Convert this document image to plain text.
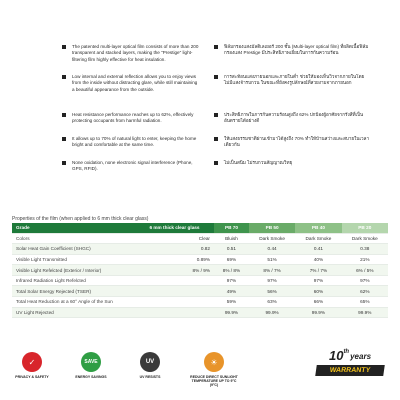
The patented multi-layer optical film consists of more than 200 transparent and stacked layers, making the "Prestige" light-filtering film highly effective for heat insulation.
Low internal and external reflection allows you to enjoy views from the inside without distracting glare, while still maintaining a beautiful appearance from the outside.
Heat resistance performance reaches up to 62%, effectively protecting occupants from harmful radiation.
It allows up to 70% of natural light to enter, keeping the home bright and comfortable at the same time.
None oxidation, none electronic signal interference (Phone, GPS, RFID).
ฟิล์มกรองแสงมัลติเลเยอร์ 200 ชั้น (Multi-layer optical film) ที่ผลิตเนื้อฟิล์มกรองแสง Prestige มีประสิทธิภาพเยี่ยมในการกันความร้อน
การสะท้อนแสงภายนอกและภายในต่ำ ช่วยให้มองเห็นวิวจากภายในโดยไม่มีแสงจ้ารบกวน ในขณะที่ยังคงรูปลักษณ์ที่สวยงามจากภายนอก
ประสิทธิภาพในการกันความร้อนสูงถึง 62% ปกป้องผู้อาศัยจากรังสีที่เป็นอันตรายได้อย่างดี
ให้แสงธรรมชาติผ่านเข้ามาได้สูงถึง 70% ทำให้บ้านสว่างและสบายในเวลาเดียวกัน
ไม่เป็นสนิม ไม่รบกวนสัญญาณวิทยุ
Properties of the film (when applied to 6 mm thick clear glass)
Grade	6 mm thick clear glass	PB 70	PB 50	PB 40	PB 20
Colors	Clear	Bluish	Dark Smoke	Dark Smoke	Dark Smoke
Solar Heat Gain Coefficient (SHGC)	0.82	0.51	0.44	0.41	0.38
Visible Light Transmitted	0.89%	69%	51%	40%	21%
Visible Light Refelcted (Exterior / Interior)	8% / 9%	8% / 8%	8% / 7%	7% / 7%	6% / 5%
Infrared Radiation Light Refelcted		97%	97%	97%	97%
Total Solar Energy Rejected (TSER)		49%	56%	60%	62%
Total Heat Reduction at a 60° Angle of the Sun		59%	63%	66%	65%
UV Light Rejected		99.9%	99.9%	99.9%	99.9%
✓
PRIVACY & SAFETY
SAVE
ENERGY SAVINGS
UV
UV RESISTS
☀
REDUCE DIRECT SUNLIGHT TEMPERATURE UP TO 9°C (9°C)
10 th years
WARRANTY
